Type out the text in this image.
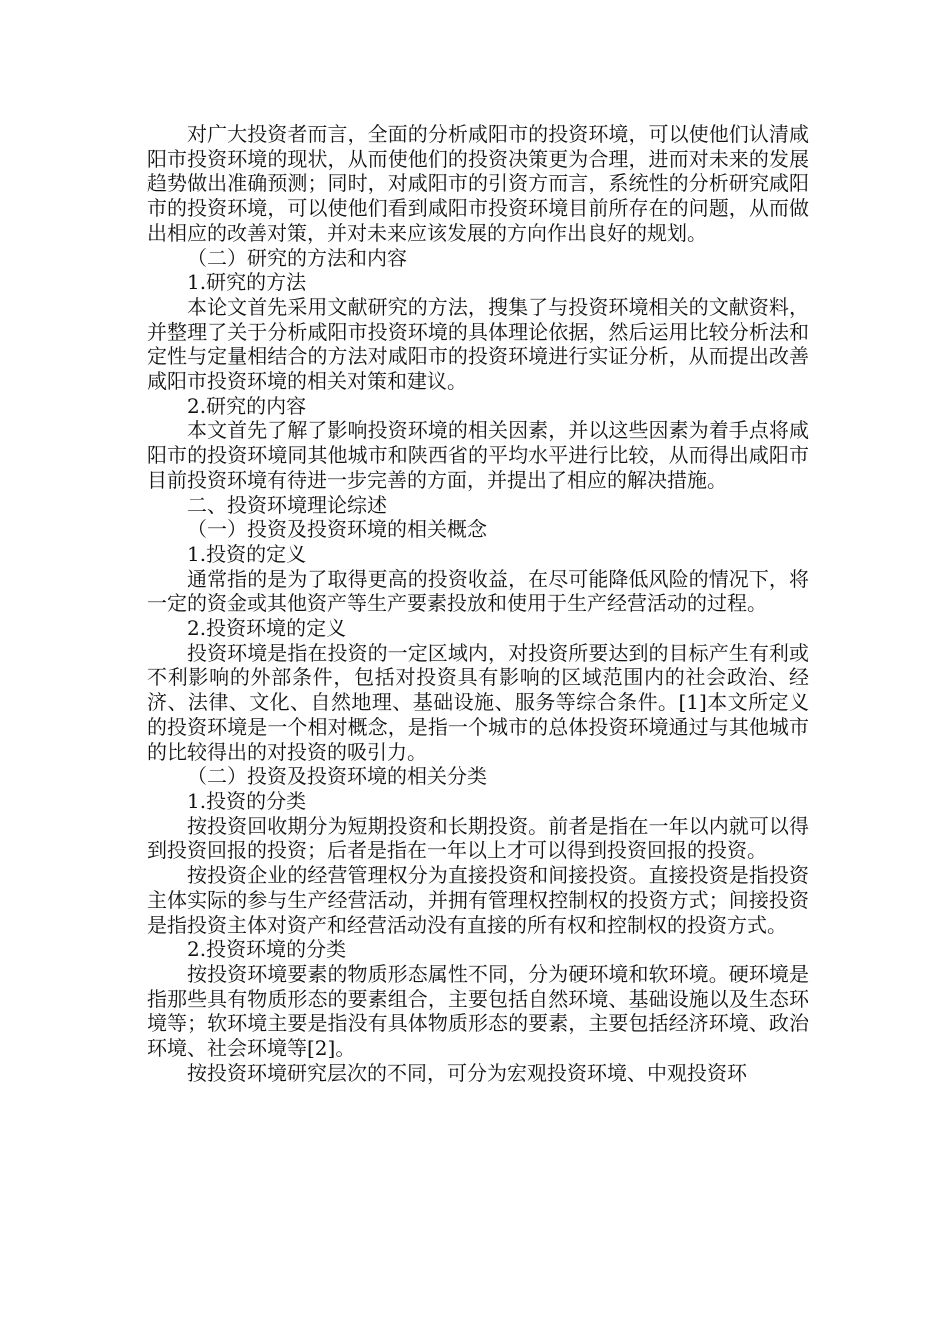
对广大投资者而言，全面的分析咸阳市的投资环境，可以使他们认清咸阳市投资环境的现状，从而使他们的投资决策更为合理，进而对未来的发展趋势做出准确预测；同时，对咸阳市的引资方而言，系统性的分析研究咸阳市的投资环境，可以使他们看到咸阳市投资环境目前所存在的问题，从而做出相应的改善对策，并对未来应该发展的方向作出良好的规划。

（二）研究的方法和内容

1.研究的方法

本论文首先采用文献研究的方法，搜集了与投资环境相关的文献资料，并整理了关于分析咸阳市投资环境的具体理论依据，然后运用比较分析法和定性与定量相结合的方法对咸阳市的投资环境进行实证分析，从而提出改善咸阳市投资环境的相关对策和建议。

2.研究的内容

本文首先了解了影响投资环境的相关因素，并以这些因素为着手点将咸阳市的投资环境同其他城市和陕西省的平均水平进行比较，从而得出咸阳市目前投资环境有待进一步完善的方面，并提出了相应的解决措施。

二、投资环境理论综述

（一）投资及投资环境的相关概念

1.投资的定义

通常指的是为了取得更高的投资收益，在尽可能降低风险的情况下，将一定的资金或其他资产等生产要素投放和使用于生产经营活动的过程。

2.投资环境的定义

投资环境是指在投资的一定区域内，对投资所要达到的目标产生有利或不利影响的外部条件，包括对投资具有影响的区域范围内的社会政治、经济、法律、文化、自然地理、基础设施、服务等综合条件。[1]本文所定义的投资环境是一个相对概念，是指一个城市的总体投资环境通过与其他城市的比较得出的对投资的吸引力。

（二）投资及投资环境的相关分类

1.投资的分类

按投资回收期分为短期投资和长期投资。前者是指在一年以内就可以得到投资回报的投资；后者是指在一年以上才可以得到投资回报的投资。

按投资企业的经营管理权分为直接投资和间接投资。直接投资是指投资主体实际的参与生产经营活动，并拥有管理权控制权的投资方式；间接投资是指投资主体对资产和经营活动没有直接的所有权和控制权的投资方式。

2.投资环境的分类

按投资环境要素的物质形态属性不同，分为硬环境和软环境。硬环境是指那些具有物质形态的要素组合，主要包括自然环境、基础设施以及生态环境等；软环境主要是指没有具体物质形态的要素，主要包括经济环境、政治环境、社会环境等[2]。

按投资环境研究层次的不同，可分为宏观投资环境、中观投资环
